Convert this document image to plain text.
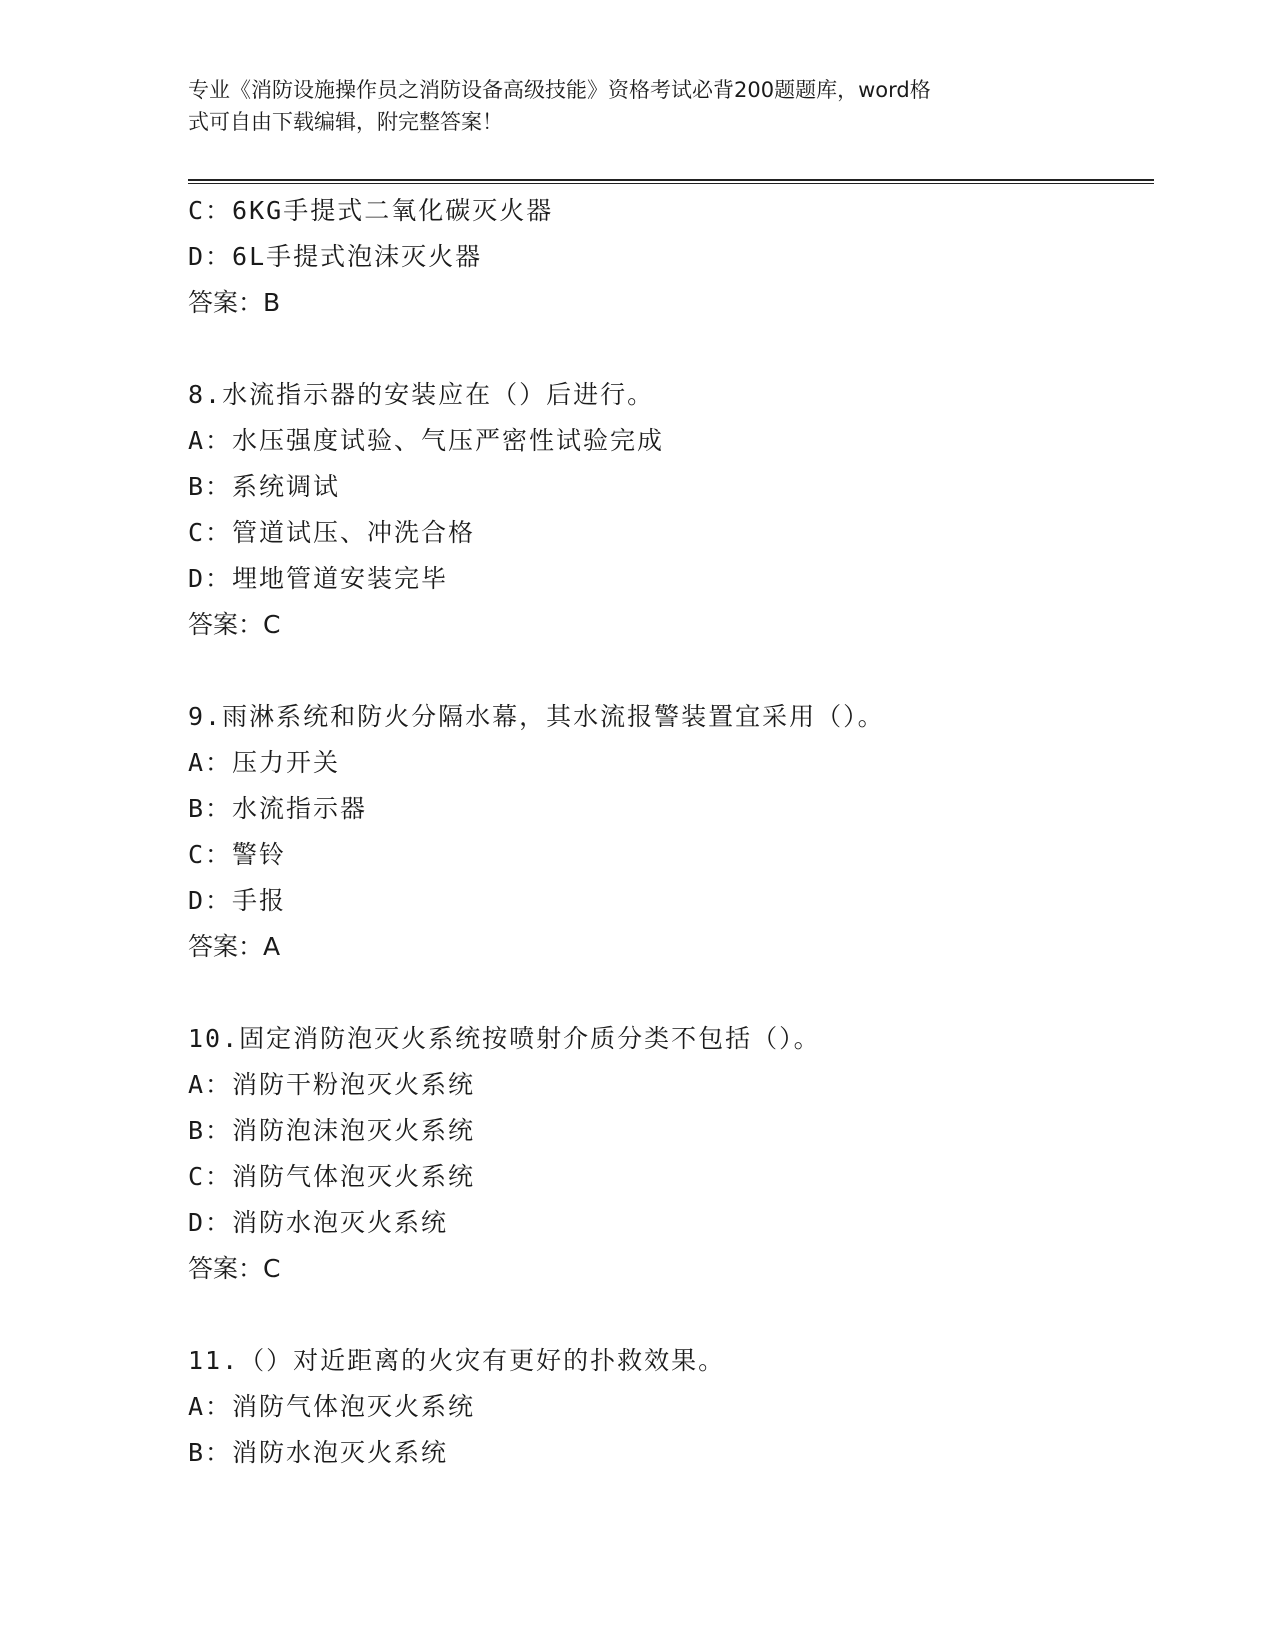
专业《消防设施操作员之消防设备高级技能》资格考试必背200题题库，word格

式可自由下载编辑，附完整答案！

C：6KG手提式二氧化碳灭火器
D：6L手提式泡沫灭火器
答案：B
8.水流指示器的安装应在（）后进行。
A：水压强度试验、气压严密性试验完成
B：系统调试
C：管道试压、冲洗合格
D：埋地管道安装完毕
答案：C
9.雨淋系统和防火分隔水幕，其水流报警装置宜采用（）。
A：压力开关
B：水流指示器
C：警铃
D：手报
答案：A
10.固定消防泡灭火系统按喷射介质分类不包括（）。
A：消防干粉泡灭火系统
B：消防泡沫泡灭火系统
C：消防气体泡灭火系统
D：消防水泡灭火系统
答案：C
11.（）对近距离的火灾有更好的扑救效果。
A：消防气体泡灭火系统
B：消防水泡灭火系统
